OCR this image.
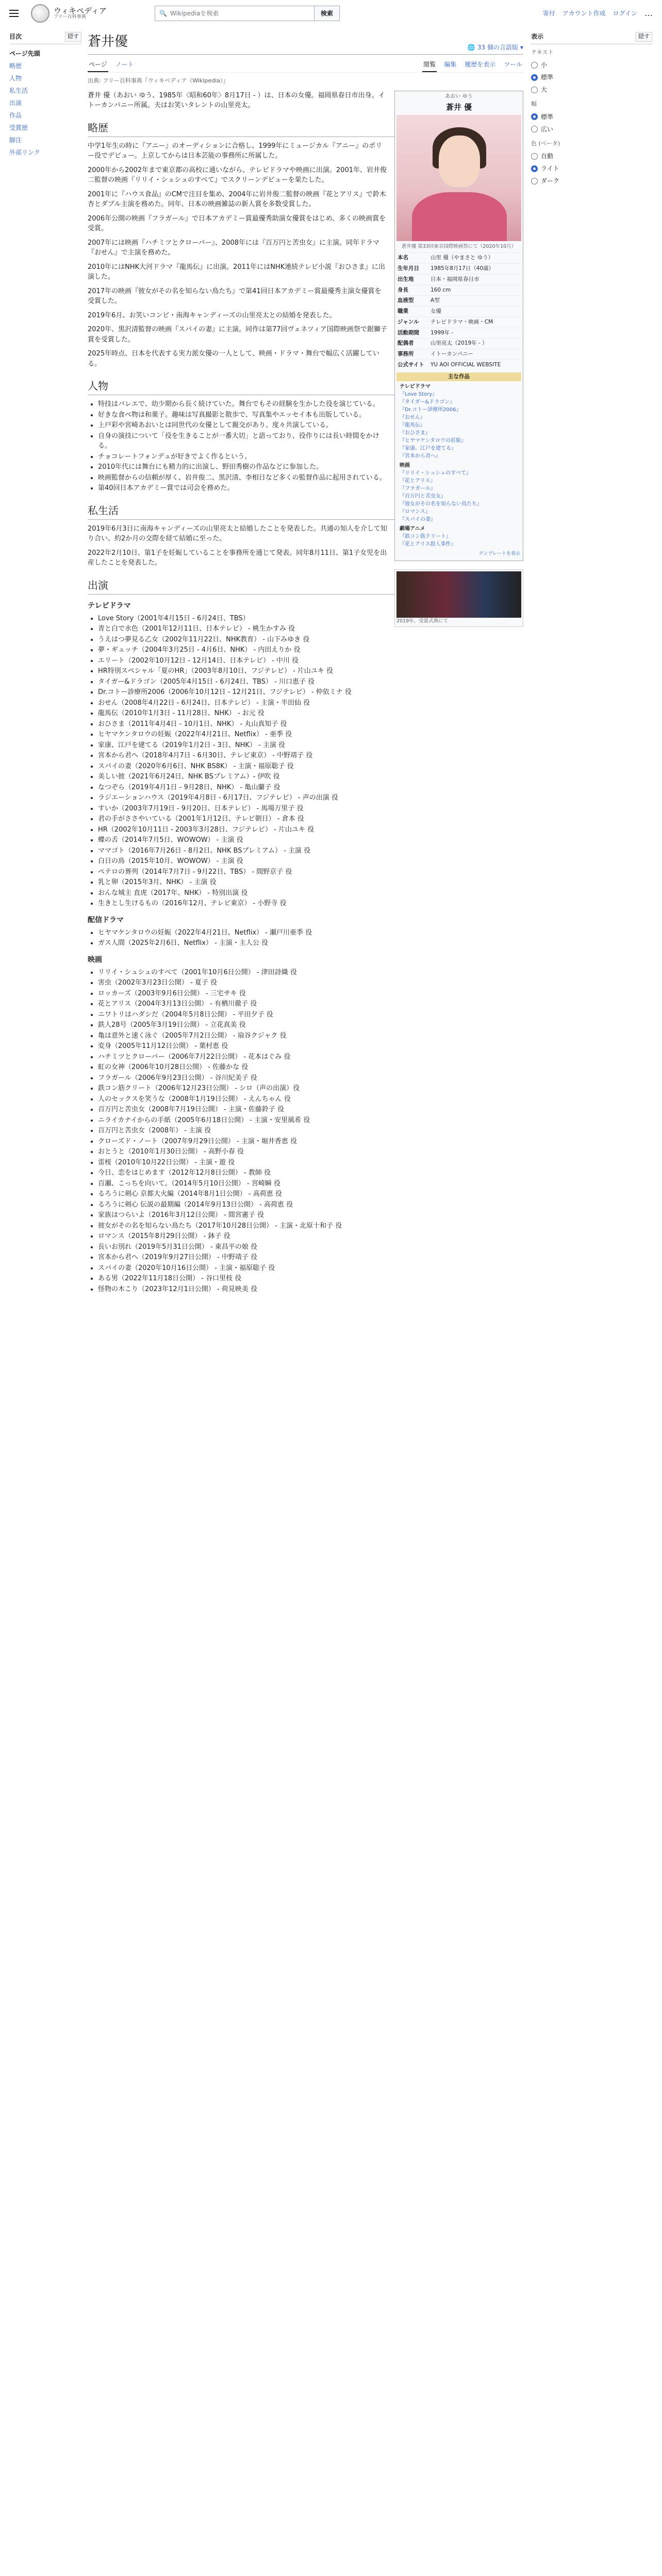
ウィキペディア
フリー百科事典
🔍 Wikipediaを検索	検索	寄付 アカウント作成 ログイン …
目次	隠す
ページ先頭
略歴
人物
私生活
出演
作品
受賞歴
脚注
外部リンク
蒼井優	🌐 33 個の言語版 ▾
ページ ノート	閲覧 編集 履歴を表示 ツール
出典: フリー百科事典『ウィキペディア（Wikipedia）』
あおい ゆう
蒼井 優
蒼井優 第33回東京国際映画祭にて（2020年10月）
本名	山里 優（やまさと ゆう）
生年月日	1985年8月17日（40歳）
出生地	日本・福岡県春日市
身長	160 cm
血液型	A型
職業	女優
ジャンル	テレビドラマ・映画・CM
活動期間	1999年 -
配偶者	山里亮太（2019年 - ）
事務所	イトーカンパニー
公式サイト	YU AOI OFFICIAL WEBSITE
主な作品
テレビドラマ
『Love Story』
『タイガー&ドラゴン』
『Dr.コトー診療所2006』
『おせん』
『龍馬伝』
『おひさま』
『ヒヤマケンタロウの妊娠』
『家康、江戸を建てる』
『宮本から君へ』
映画
『リリイ・シュシュのすべて』
『花とアリス』
『フラガール』
『百万円と苦虫女』
『彼女がその名を知らない鳥たち』
『ロマンス』
『スパイの妻』
劇場アニメ
『鉄コン筋クリート』
『花とアリス殺人事件』
テンプレートを表示

蒼井 優（あおい ゆう、1985年〈昭和60年〉8月17日 - ）は、日本の女優。福岡県春日市出身。イトーカンパニー所属。夫はお笑いタレントの山里亮太。

略歴
2019年、受賞式典にて

中学1年生の時に『アニー』のオーディションに合格し、1999年にミュージカル『アニー』のポリー役でデビュー。上京してからは日本芸能の事務所に所属した。

2000年から2002年まで東京都の高校に通いながら、テレビドラマや映画に出演。2001年、岩井俊二監督の映画『リリイ・シュシュのすべて』でスクリーンデビューを果たした。

2001年に『ハウス食品』のCMで注目を集め、2004年に岩井俊二監督の映画『花とアリス』で鈴木杏とダブル主演を務めた。同年、日本の映画雑誌の新人賞を多数受賞した。

2006年公開の映画『フラガール』で日本アカデミー賞最優秀助演女優賞をはじめ、多くの映画賞を受賞。

2007年には映画『ハチミツとクローバー』、2008年には『百万円と苦虫女』に主演。同年ドラマ『おせん』で主演を務めた。

2010年にはNHK大河ドラマ『龍馬伝』に出演。2011年にはNHK連続テレビ小説『おひさま』に出演した。

2017年の映画『彼女がその名を知らない鳥たち』で第41回日本アカデミー賞最優秀主演女優賞を受賞した。

2019年6月、お笑いコンビ・南海キャンディーズの山里亮太との結婚を発表した。

2020年、黒沢清監督の映画『スパイの妻』に主演。同作は第77回ヴェネツィア国際映画祭で銀獅子賞を受賞した。

2025年時点、日本を代表する実力派女優の一人として、映画・ドラマ・舞台で幅広く活躍している。

人物
• 特技はバレエで、幼少期から長く続けていた。舞台でもその経験を生かした役を演じている。
• 好きな食べ物は和菓子。趣味は写真撮影と散歩で、写真集やエッセイ本も出版している。
• 上戸彩や宮崎あおいとは同世代の女優として親交があり、度々共演している。
• 自身の演技について「役を生きることが一番大切」と語っており、役作りには長い時間をかける。
• チョコレートフォンデュが好きでよく作るという。
• 2010年代には舞台にも精力的に出演し、野田秀樹の作品などに参加した。
• 映画監督からの信頼が厚く、岩井俊二、黒沢清、李相日など多くの監督作品に起用されている。
• 第40回日本アカデミー賞では司会を務めた。
私生活

2019年6月3日に南海キャンディーズの山里亮太と結婚したことを発表した。共通の知人を介して知り合い、約2か月の交際を経て結婚に至った。

2022年2月10日、第1子を妊娠していることを事務所を通じて発表。同年8月11日、第1子女児を出産したことを発表した。

出演
テレビドラマ
• Love Story（2001年4月15日 - 6月24日、TBS）
• 青と白で水色（2001年12月11日、日本テレビ） - 桃生かすみ 役
• うえはつ夢見る乙女（2002年11月22日、NHK教育） - 山下みゆき 役
• 夢・ギュッチ（2004年3月25日 - 4月6日、NHK） - 内田えりか 役
• エリート（2002年10月12日 - 12月14日、日本テレビ） - 中川 役
• HR特別スペシャル「夏のHR」（2003年8月10日、フジテレビ） - 片山ユキ 役
• タイガー&ドラゴン（2005年4月15日 - 6月24日、TBS） - 川口恵子 役
• Dr.コトー診療所2006（2006年10月12日 - 12月21日、フジテレビ） - 仲依ミナ 役
• おせん（2008年4月22日 - 6月24日、日本テレビ） - 主演・半田仙 役
• 龍馬伝（2010年1月3日 - 11月28日、NHK） - お元 役
• おひさま（2011年4月4日 - 10月1日、NHK） - 丸山真知子 役
• ヒヤマケンタロウの妊娠（2022年4月21日、Netflix） - 亜季 役
• 家康、江戸を建てる（2019年1月2日 - 3日、NHK） - 主演 役
• 宮本から君へ（2018年4月7日 - 6月30日、テレビ東京） - 中野靖子 役
• スパイの妻（2020年6月6日、NHK BS8K） - 主演・福原聡子 役
• 美しい彼（2021年6月24日、NHK BSプレミアム）- 伊吹 役
• なつぞら（2019年4月1日 - 9月28日、NHK） - 亀山蘭子 役
• ラジエーションハウス（2019年4月8日 - 6月17日、フジテレビ） - 声の出演 役
• すいか（2003年7月19日 - 9月20日、日本テレビ） - 馬場万里子 役
• 君の手がささやいている（2001年1月12日、テレビ朝日） - 倉本 役
• HR（2002年10月11日 - 2003年3月28日、フジテレビ） - 片山ユキ 役
• 蝶の舌（2014年7月5日、WOWOW） - 主演 役
• ママゴト（2016年7月26日 - 8月2日、NHK BSプレミアム） - 主演 役
• 白日の鳥（2015年10月、WOWOW） - 主演 役
• ペテロの葬列（2014年7月7日 - 9月22日、TBS） - 間野京子 役
• 乳と卵（2015年3月、NHK） - 主演 役
• おんな城主 直虎（2017年、NHK） - 特別出演 役
• 生きとし生けるもの（2016年12月、テレビ東京） - 小野寺 役
配信ドラマ
• ヒヤマケンタロウの妊娠（2022年4月21日、Netflix） - 瀬戸川亜季 役
• ガス人間（2025年2月6日、Netflix） - 主演・主人公 役
映画
• リリイ・シュシュのすべて（2001年10月6日公開） - 津田詩織 役
• 害虫（2002年3月23日公開） - 夏子 役
• ロッカーズ（2003年9月6日公開） - 三宅サキ 役
• 花とアリス（2004年3月13日公開） - 有栖川徹子 役
• ニワトリはハダシだ（2004年5月8日公開） - 平田夕子 役
• 鉄人28号（2005年3月19日公開） - 立花真美 役
• 亀は意外と速く泳ぐ（2005年7月2日公開） - 扇谷クジャク 役
• 変身（2005年11月12日公開） - 葉村恵 役
• ハチミツとクローバー（2006年7月22日公開） - 花本はぐみ 役
• 虹の女神（2006年10月28日公開） - 佐藤かな 役
• フラガール（2006年9月23日公開） - 谷川紀美子 役
• 鉄コン筋クリート（2006年12月23日公開） - シロ（声の出演）役
• 人のセックスを笑うな（2008年1月19日公開） - えんちゃん 役
• 百万円と苦虫女（2008年7月19日公開） - 主演・佐藤鈴子 役
• ニライカナイからの手紙（2005年6月18日公開） - 主演・安里風希 役
• 百万円と苦虫女（2008年） - 主演 役
• クローズド・ノート（2007年9月29日公開） - 主演・堀井香恵 役
• おとうと（2010年1月30日公開） - 高野小春 役
• 雷桜（2010年10月22日公開） - 主演・遊 役
• 今日、恋をはじめます（2012年12月8日公開） - 教師 役
• 百瀬、こっちを向いて。（2014年5月10日公開） - 宮崎瞬 役
• るろうに剣心 京都大火編（2014年8月1日公開） - 高荷恵 役
• るろうに剣心 伝説の最期編（2014年9月13日公開） - 高荷恵 役
• 家族はつらいよ（2016年3月12日公開） - 間宮憲子 役
• 彼女がその名を知らない鳥たち（2017年10月28日公開） - 主演・北原十和子 役
• ロマンス（2015年8月29日公開） - 鉢子 役
• 長いお別れ（2019年5月31日公開） - 東昌平の娘 役
• 宮本から君へ（2019年9月27日公開） - 中野靖子 役
• スパイの妻（2020年10月16日公開） - 主演・福原聡子 役
• ある男（2022年11月18日公開） - 谷口里枝 役
• 怪物の木こり（2023年12月1日公開） - 荷見映美 役
表示	隠す
テキスト
小
標準
大
幅
標準
広い
色 (ベータ)
自動
ライト
ダーク
